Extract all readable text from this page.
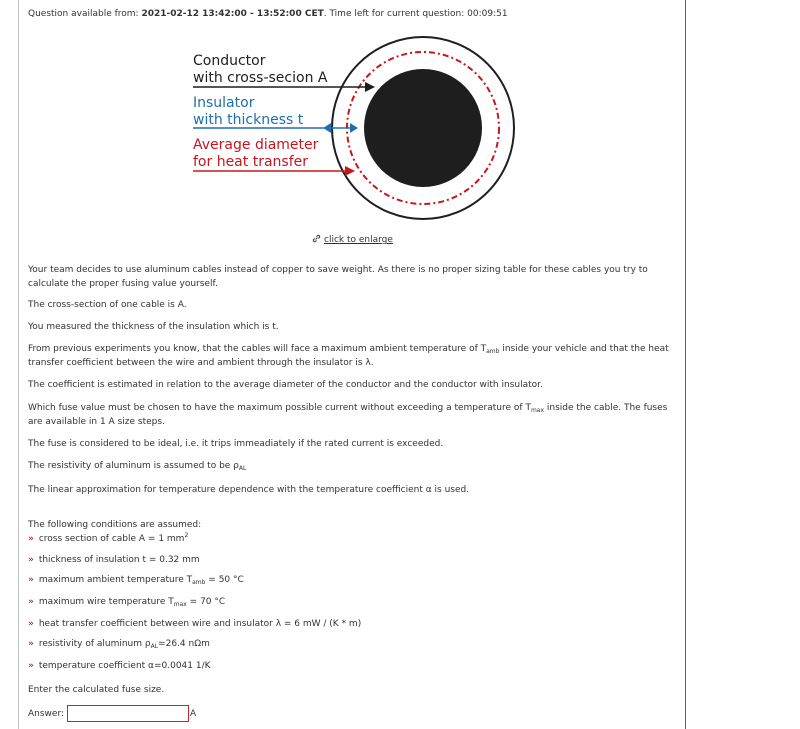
Question available from: 2021-02-12 13:42:00 - 13:52:00 CET. Time left for current question: 00:09:51
Conductor
with cross-secion A
Insulator
with thickness t
Average diameter
for heat transfer
click to enlarge
Your team decides to use aluminum cables instead of copper to save weight. As there is no proper sizing table for these cables you try to calculate the proper fusing value yourself.
The cross-section of one cable is A.
You measured the thickness of the insulation which is t.
From previous experiments you know, that the cables will face a maximum ambient temperature of $T_{amb}$ inside your vehicle and that the heat transfer coefficient between the wire and ambient through the insulator is λ.
The coefficient is estimated in relation to the average diameter of the conductor and the conductor with insulator.
Which fuse value must be chosen to have the maximum possible current without exceeding a temperature of $T_{max}$ inside the cable. The fuses are available in 1 A size steps.
The fuse is considered to be ideal, i.e. it trips immeadiately if the rated current is exceeded.
The resistivity of aluminum is assumed to be $\rho_{AL}$
The linear approximation for temperature dependence with the temperature coefficient α is used.
The following conditions are assumed:
» cross section of cable A = 1 $mm^2$
» thickness of insulation t = 0.32 mm
» maximum ambient temperature $T_{amb} = 50$ °C
» maximum wire temperature $T_{max} = 70$ °C
» heat transfer coefficient between wire and insulator λ = 6 mW / (K * m)
» resistivity of aluminum $\rho_{AL}=26.4$ nΩm
» temperature coefficient α=0.0041 1/K
Enter the calculated fuse size.
Answer:	A
